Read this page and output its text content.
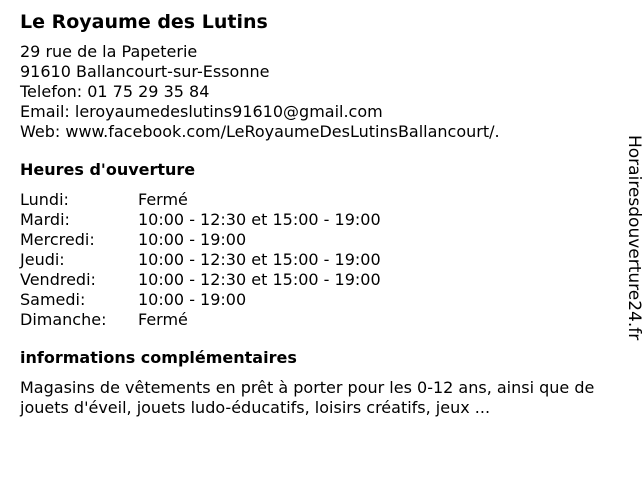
Le Royaume des Lutins
29 rue de la Papeterie
91610 Ballancourt-sur-Essonne
Telefon: 01 75 29 35 84
Email: leroyaumedeslutins91610@gmail.com
Web: www.facebook.com/LeRoyaumeDesLutinsBallancourt/.
Heures d'ouverture
Lundi:	Fermé
Mardi:	10:00 - 12:30 et 15:00 - 19:00
Mercredi:	10:00 - 19:00
Jeudi:	10:00 - 12:30 et 15:00 - 19:00
Vendredi:	10:00 - 12:30 et 15:00 - 19:00
Samedi:	10:00 - 19:00
Dimanche:	Fermé
informations complémentaires
Magasins de vêtements en prêt à porter pour les 0-12 ans, ainsi que de jouets d'éveil, jouets ludo-éducatifs, loisirs créatifs, jeux ...
Horairesdouverture24.fr
